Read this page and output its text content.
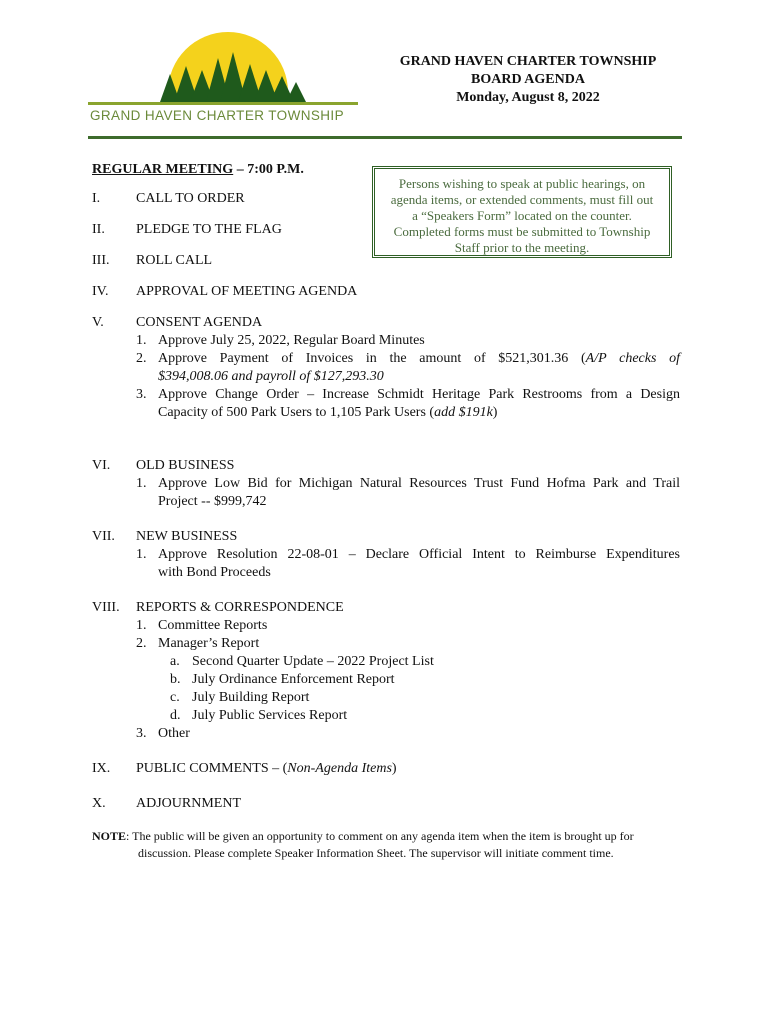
GRAND HAVEN CHARTER TOWNSHIP
GRAND HAVEN CHARTER TOWNSHIP
BOARD AGENDA
Monday, August 8, 2022
REGULAR MEETING – 7:00 P.M.
Persons wishing to speak at public hearings, on
agenda items, or extended comments, must fill out
a “Speakers Form” located on the counter.
Completed forms must be submitted to Township
Staff prior to the meeting.
I.	CALL TO ORDER
II. PLEDGE TO THE FLAG
III. ROLL CALL
IV. APPROVAL OF MEETING AGENDA
V. CONSENT AGENDA
1. Approve July 25, 2022, Regular Board Minutes
2. Approve Payment of Invoices in the amount of $521,301.36 (A/P checks of
$394,008.06 and payroll of $127,293.30
3. Approve Change Order – Increase Schmidt Heritage Park Restrooms from a Design
Capacity of 500 Park Users to 1,105 Park Users (add $191k)
VI. OLD BUSINESS
1. Approve Low Bid for Michigan Natural Resources Trust Fund Hofma Park and Trail
Project -- $999,742
VII. NEW BUSINESS
1. Approve Resolution 22-08-01 – Declare Official Intent to Reimburse Expenditures
with Bond Proceeds
VIII. REPORTS & CORRESPONDENCE
1. Committee Reports
2. Manager’s Report
a. Second Quarter Update – 2022 Project List
b. July Ordinance Enforcement Report
c. July Building Report
d. July Public Services Report
3. Other
IX. PUBLIC COMMENTS – (Non-Agenda Items)
X. ADJOURNMENT
NOTE : The public will be given an opportunity to comment on any agenda item when the item is brought up for
discussion. Please complete Speaker Information Sheet. The supervisor will initiate comment time.
